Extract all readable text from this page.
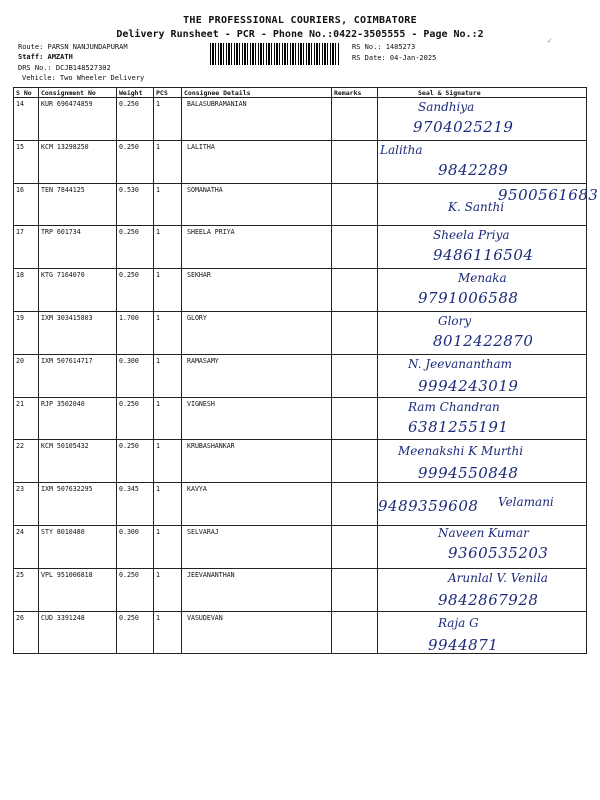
THE PROFESSIONAL COURIERS, COIMBATORE
Delivery Runsheet - PCR - Phone No.:0422-3505555 - Page No.:2
✓
Route: PARSN NANJUNDAPURAM
Staff: AMZATH
DRS No.: DCJB148527302
Vehicle: Two Wheeler Delivery
RS No.: 1485273
RS Date: 04-Jan-2025
S No	Consignment No	Weight	PCS	Consignee Details	Remarks	Seal & Signature
14	KUR 696474859	0.250	1	BALASUBRAMANIAN		Sandhiya
9704025219

15	KCM 13298250	0.250	1	LALITHA		Lalitha
9842289

16	TEN 7844125	0.530	1	SOMANATHA		K. Santhi
9500561683

17	TRP 601734	0.250	1	SHEELA PRIYA		Sheela Priya
9486116504

18	KTG 7164070	0.250	1	SEKHAR		Menaka
9791006588

19	IXM 303415803	1.700	1	GLORY		Glory
8012422870

20	IXM 507614717	0.300	1	RAMASAMY		N. Jeevanantham
9994243019

21	RJP 3502040	0.250	1	VIGNESH		Ram Chandran
6381255191

22	KCM 50105432	0.250	1	KRUBASHANKAR		Meenakshi K Murthi
9994550848

23	IXM 507632295	0.345	1	KAVYA		Velamani
9489359608

24	STY 8010480	0.300	1	SELVARAJ		Naveen Kumar
9360535203

25	VPL 951006818	0.250	1	JEEVANANTHAN		Arunlal V. Venila
9842867928

26	CUD 3391248	0.250	1	VASUDEVAN		Raja G
9944871
